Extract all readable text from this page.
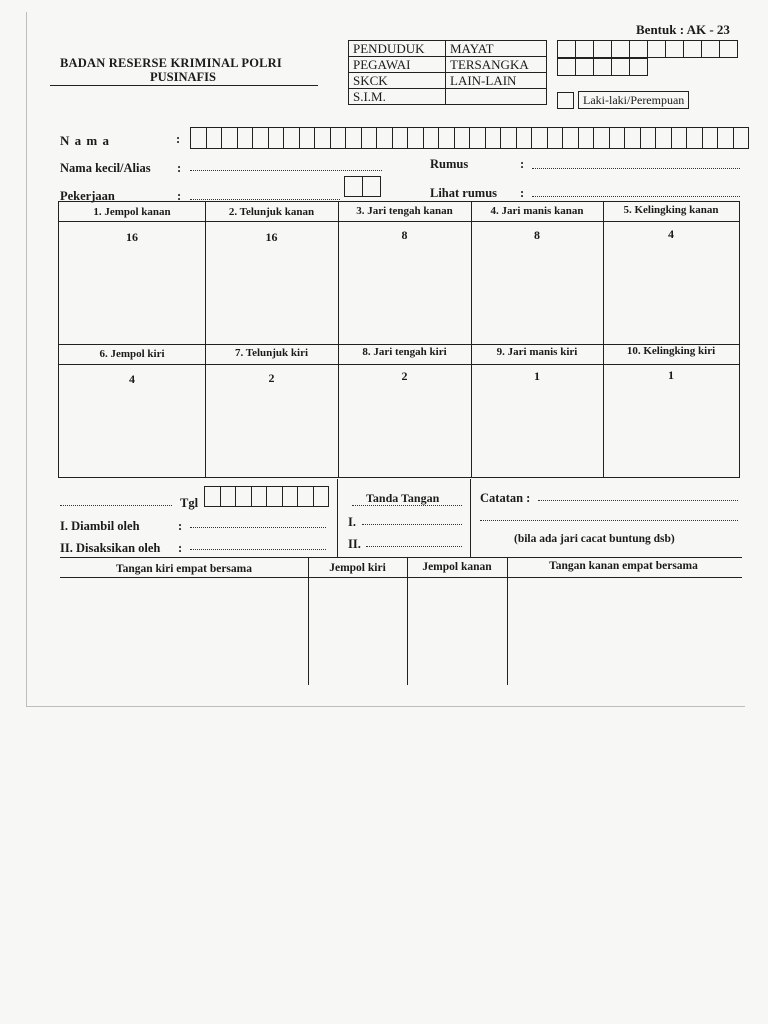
Bentuk : AK - 23
BADAN RESERSE KRIMINAL POLRI
PUSINAFIS
PENDUDUK	MAYAT
PEGAWAI	TERSANGKA
SKCK	LAIN-LAIN
S.I.M.		Laki-laki/Perempuan
N a m a	:
Nama kecil/Alias :	Rumus	:
Pekerjaan	:	Lihat rumus :
1. Jempol kanan	2. Telunjuk kanan	3. Jari tengah kanan	4. Jari manis kanan	5. Kelingking kanan
16	16	8	8	4
6. Jempol kiri	7. Telunjuk kiri	8. Jari tengah kiri	9. Jari manis kiri	10. Kelingking kiri
4	2	2	1	1
Tgl
I. Diambil oleh	:
II. Disaksikan oleh :
Tanda Tangan
I.
II.
Catatan :
(bila ada jari cacat buntung dsb)
Tangan kiri empat bersama	Jempol kiri	Jempol kanan	Tangan kanan empat bersama
